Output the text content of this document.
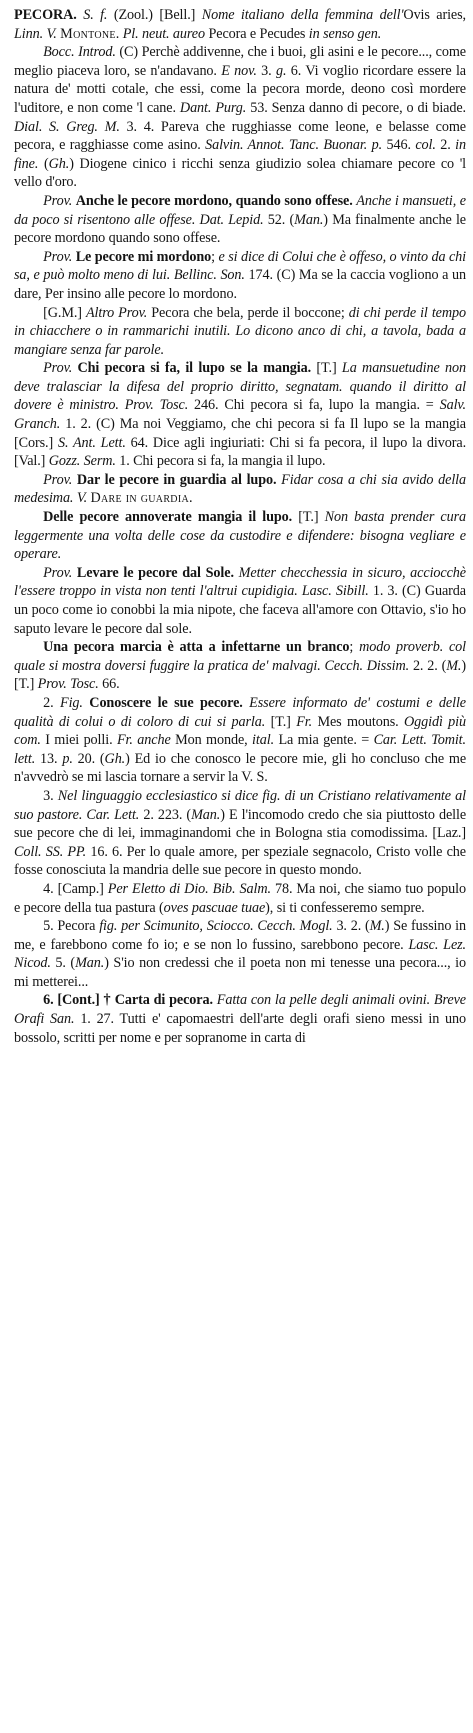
PECORA. S. f. (Zool.) [Bell.] Nome italiano della femmina dell'Ovis aries, Linn. V. Montone. Pl. neut. aureo Pecora e Pecudes in senso gen.

Bocc. Introd. (C) Perchè addivenne, che i buoi, gli asini e le pecore..., come meglio piaceva loro, se n'andavano. E nov. 3. g. 6. Vi voglio ricordare essere la natura de' motti cotale, che essi, come la pecora morde, deono così mordere l'uditore, e non come 'l cane. Dant. Purg. 53. Senza danno di pecore, o di biade. Dial. S. Greg. M. 3. 4. Pareva che rugghiasse come leone, e belasse come pecora, e ragghiasse come asino. Salvin. Annot. Tanc. Buonar. p. 546. col. 2. in fine. (Gh.) Diogene cinico i ricchi senza giudizio solea chiamare pecore co 'l vello d'oro.

Prov. Anche le pecore mordono, quando sono offese. Anche i mansueti, e da poco si risentono alle offese. Dat. Lepid. 52. (Man.) Ma finalmente anche le pecore mordono quando sono offese.

Prov. Le pecore mi mordono; e si dice di Colui che è offeso, o vinto da chi sa, e può molto meno di lui. Bellinc. Son. 174. (C) Ma se la caccia vogliono a un dare, Per insino alle pecore lo mordono.

[G.M.] Altro Prov. Pecora che bela, perde il boccone; di chi perde il tempo in chiacchere o in rammarichi inutili. Lo dicono anco di chi, a tavola, bada a mangiare senza far parole.

Prov. Chi pecora si fa, il lupo se la mangia. [T.] La mansuetudine non deve tralasciar la difesa del proprio diritto, segnatam. quando il diritto al dovere è ministro. Prov. Tosc. 246. Chi pecora si fa, lupo la mangia. = Salv. Granch. 1. 2. (C) Ma noi Veggiamo, che chi pecora si fa Il lupo se la mangia [Cors.] S. Ant. Lett. 64. Dice agli ingiuriati: Chi si fa pecora, il lupo la divora. [Val.] Gozz. Serm. 1. Chi pecora si fa, la mangia il lupo.

Prov. Dar le pecore in guardia al lupo. Fidar cosa a chi sia avido della medesima. V. Dare in guardia.

Delle pecore annoverate mangia il lupo. [T.] Non basta prender cura leggermente una volta delle cose da custodire e difendere: bisogna vegliare e operare.

Prov. Levare le pecore dal Sole. Metter checchessia in sicuro, acciocchè l'essere troppo in vista non tenti l'altrui cupidigia. Lasc. Sibill. 1. 3. (C) Guarda un poco come io conobbi la mia nipote, che faceva all'amore con Ottavio, s'io ho saputo levare le pecore dal sole.

Una pecora marcia è atta a infettarne un branco; modo proverb. col quale si mostra doversi fuggire la pratica de' malvagi. Cecch. Dissim. 2. 2. (M.) [T.] Prov. Tosc. 66.

2. Fig. Conoscere le sue pecore. Essere informato de' costumi e delle qualità di colui o di coloro di cui si parla. [T.] Fr. Mes moutons. Oggidì più com. I miei polli. Fr. anche Mon monde, ital. La mia gente. = Car. Lett. Tomit. lett. 13. p. 20. (Gh.) Ed io che conosco le pecore mie, gli ho concluso che me n'avvedrò se mi lascia tornare a servir la V. S.

3. Nel linguaggio ecclesiastico si dice fig. di un Cristiano relativamente al suo pastore. Car. Lett. 2. 223. (Man.) E l'incomodo credo che sia piuttosto delle sue pecore che di lei, immaginandomi che in Bologna stia comodissima. [Laz.] Coll. SS. PP. 16. 6. Per lo quale amore, per speziale segnacolo, Cristo volle che fosse conosciuta la mandria delle sue pecore in questo mondo.

4. [Camp.] Per Eletto di Dio. Bib. Salm. 78. Ma noi, che siamo tuo populo e pecore della tua pastura (oves pascuae tuae), si ti confesseremo sempre.

5. Pecora fig. per Scimunito, Sciocco. Cecch. Mogl. 3. 2. (M.) Se fussino in me, e farebbono come fo io; e se non lo fussino, sarebbono pecore. Lasc. Lez. Nicod. 5. (Man.) S'io non credessi che il poeta non mi tenesse una pecora..., io mi metterei...

6. [Cont.] † Carta di pecora. Fatta con la pelle degli animali ovini. Breve Orafi San. 1. 27. Tutti e' capomaestri dell'arte degli orafi sieno messi in uno bossolo, scritti per nome e per sopranome in carta di
